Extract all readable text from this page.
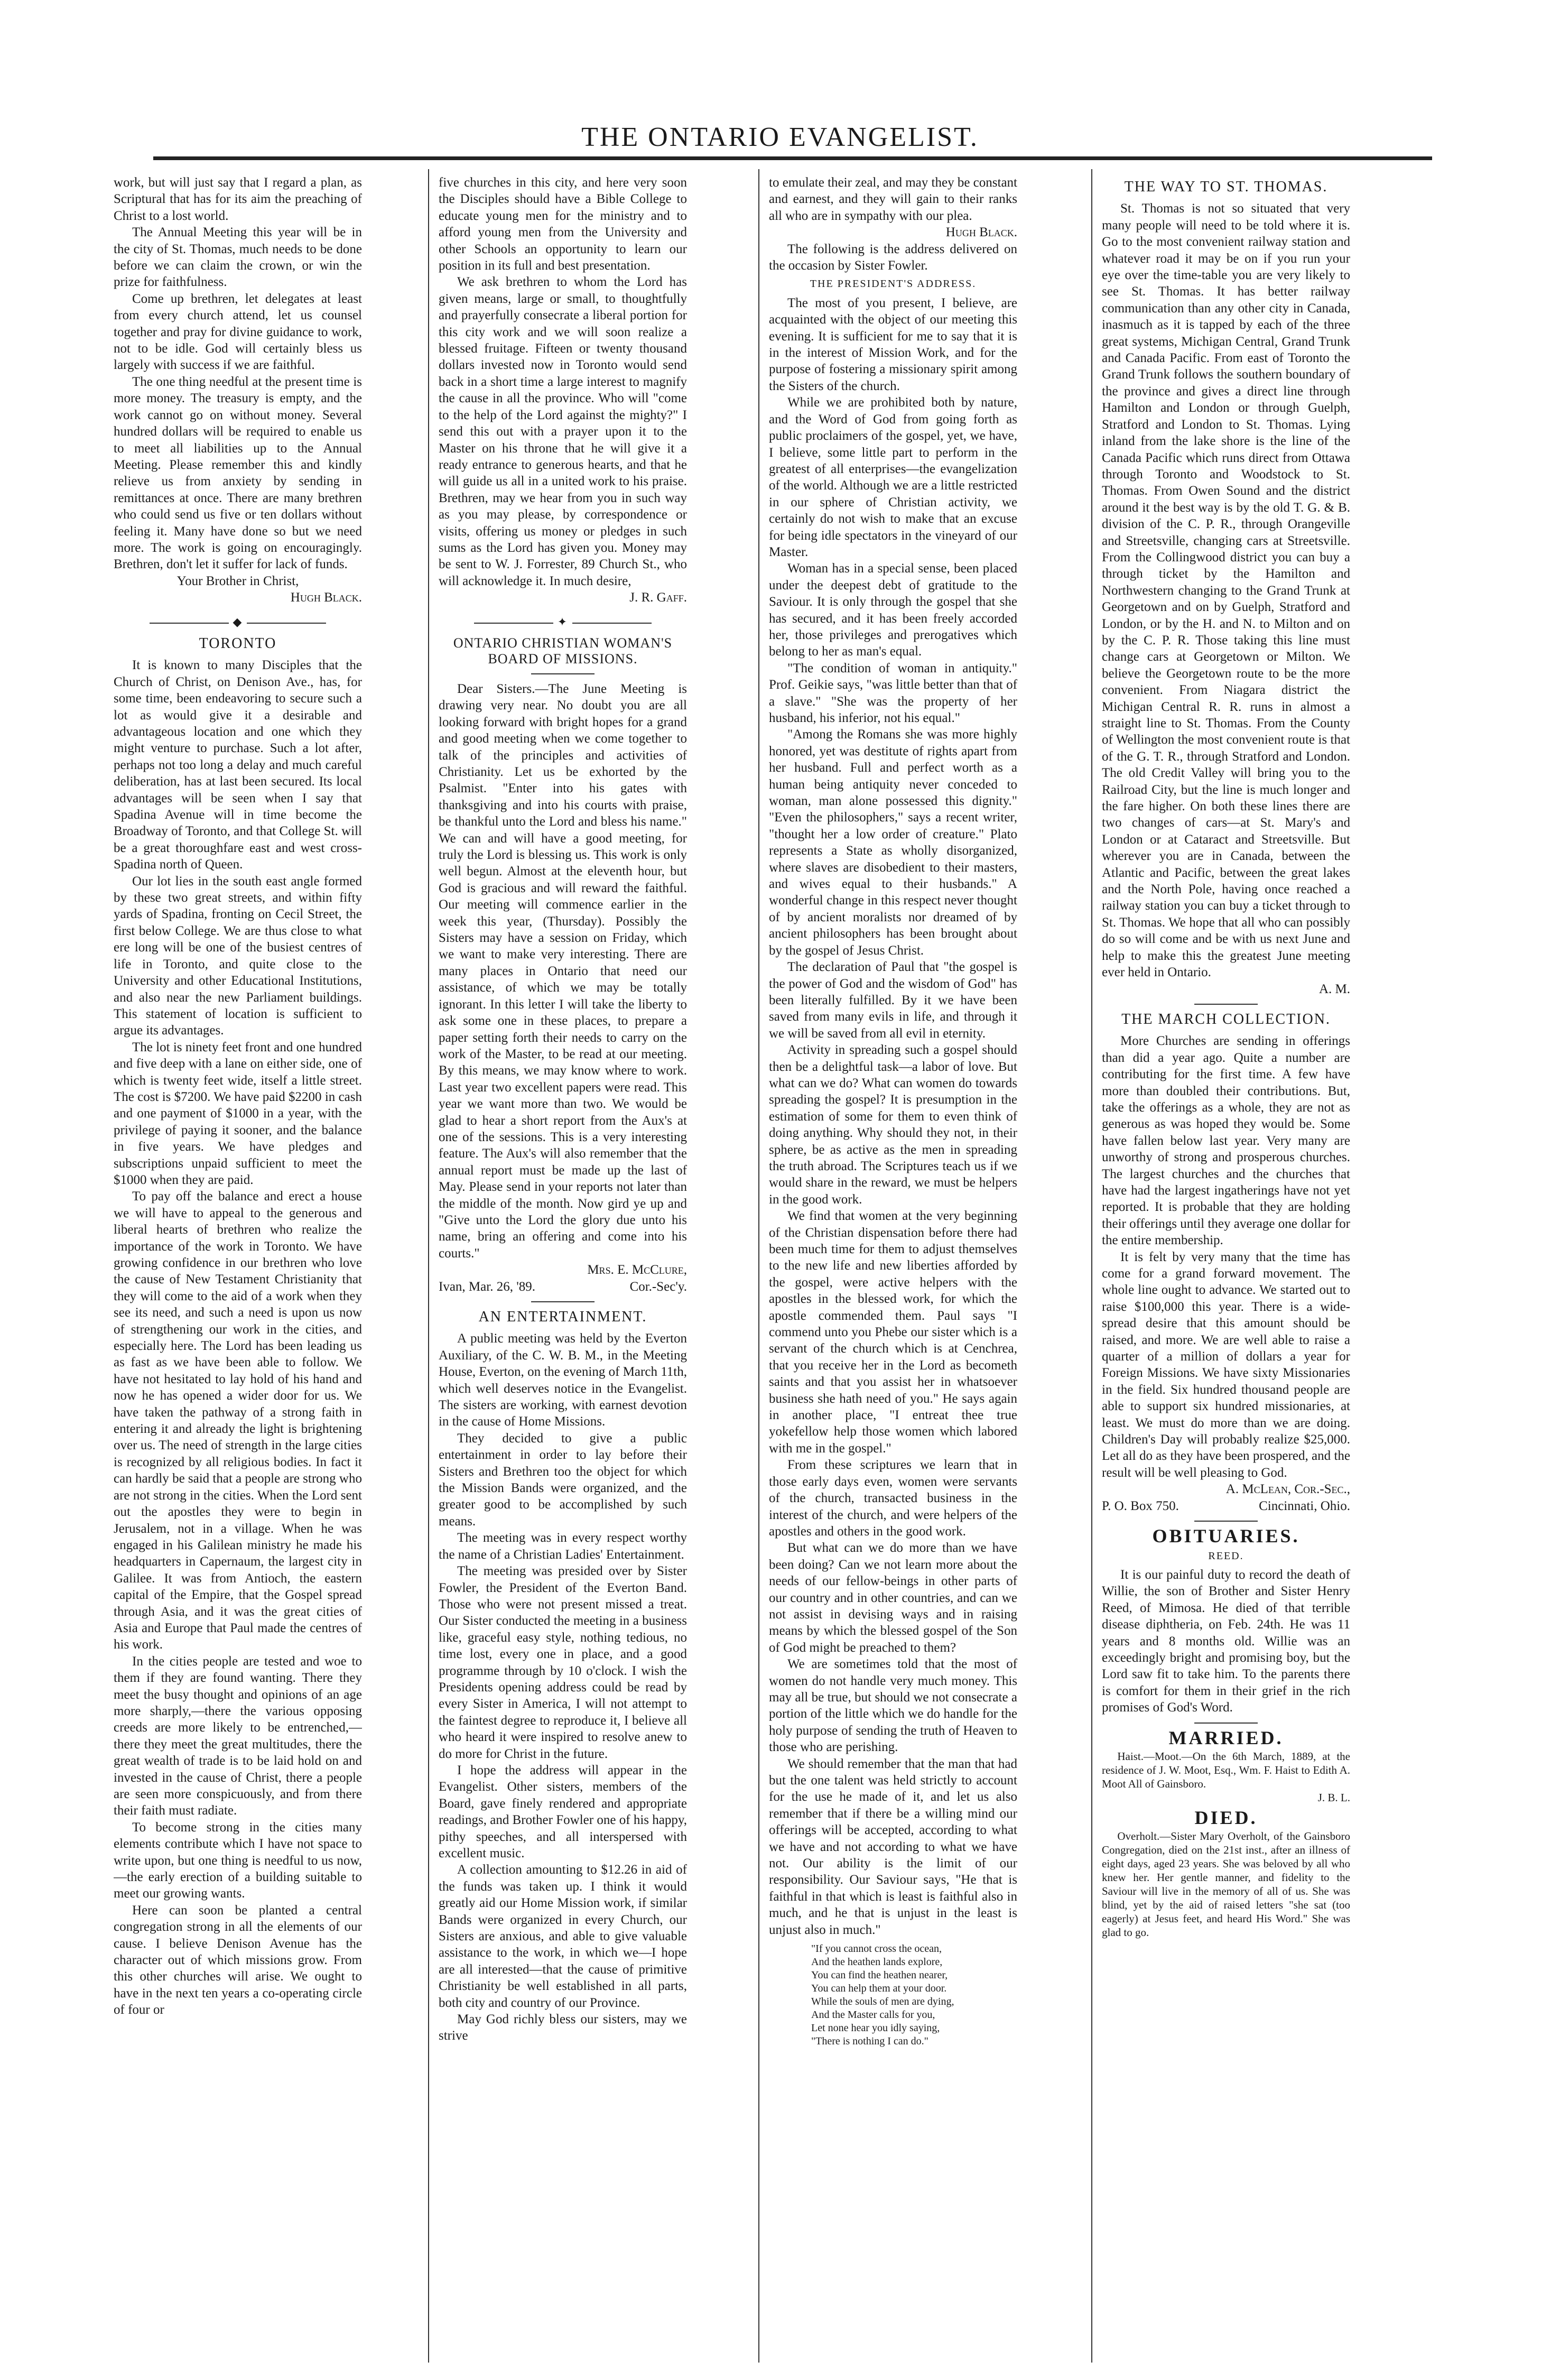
THE ONTARIO EVANGELIST.

work, but will just say that I regard a plan, as Scriptural that has for its aim the preaching of Christ to a lost world.

The Annual Meeting this year will be in the city of St. Thomas, much needs to be done before we can claim the crown, or win the prize for faithfulness.

Come up brethren, let delegates at least from every church attend, let us counsel together and pray for divine guidance to work, not to be idle. God will certainly bless us largely with success if we are faithful.

The one thing needful at the present time is more money. The treasury is empty, and the work cannot go on without money. Several hundred dollars will be required to enable us to meet all liabilities up to the Annual Meeting. Please remember this and kindly relieve us from anxiety by sending in remittances at once. There are many brethren who could send us five or ten dollars without feeling it. Many have done so but we need more. The work is going on encouragingly. Brethren, don't let it suffer for lack of funds.

Your Brother in Christ,

Hugh Black.

◆
TORONTO

It is known to many Disciples that the Church of Christ, on Denison Ave., has, for some time, been endeavoring to secure such a lot as would give it a desirable and advantageous location and one which they might venture to purchase. Such a lot after, perhaps not too long a delay and much careful deliberation, has at last been secured. Its local advantages will be seen when I say that Spadina Avenue will in time become the Broadway of Toronto, and that College St. will be a great thoroughfare east and west cross-Spadina north of Queen.

Our lot lies in the south east angle formed by these two great streets, and within fifty yards of Spadina, fronting on Cecil Street, the first below College. We are thus close to what ere long will be one of the busiest centres of life in Toronto, and quite close to the University and other Educational Institutions, and also near the new Parliament buildings. This statement of location is sufficient to argue its advantages.

The lot is ninety feet front and one hundred and five deep with a lane on either side, one of which is twenty feet wide, itself a little street. The cost is $7200. We have paid $2200 in cash and one payment of $1000 in a year, with the privilege of paying it sooner, and the balance in five years. We have pledges and subscriptions unpaid sufficient to meet the $1000 when they are paid.

To pay off the balance and erect a house we will have to appeal to the generous and liberal hearts of brethren who realize the importance of the work in Toronto. We have growing confidence in our brethren who love the cause of New Testament Christianity that they will come to the aid of a work when they see its need, and such a need is upon us now of strengthening our work in the cities, and especially here. The Lord has been leading us as fast as we have been able to follow. We have not hesitated to lay hold of his hand and now he has opened a wider door for us. We have taken the pathway of a strong faith in entering it and already the light is brightening over us. The need of strength in the large cities is recognized by all religious bodies. In fact it can hardly be said that a people are strong who are not strong in the cities. When the Lord sent out the apostles they were to begin in Jerusalem, not in a village. When he was engaged in his Galilean ministry he made his headquarters in Capernaum, the largest city in Galilee. It was from Antioch, the eastern capital of the Empire, that the Gospel spread through Asia, and it was the great cities of Asia and Europe that Paul made the centres of his work.

In the cities people are tested and woe to them if they are found wanting. There they meet the busy thought and opinions of an age more sharply,—there the various opposing creeds are more likely to be entrenched,—there they meet the great multitudes, there the great wealth of trade is to be laid hold on and invested in the cause of Christ, there a people are seen more conspicuously, and from there their faith must radiate.

To become strong in the cities many elements contribute which I have not space to write upon, but one thing is needful to us now,—the early erection of a building suitable to meet our growing wants.

Here can soon be planted a central congregation strong in all the elements of our cause. I believe Denison Avenue has the character out of which missions grow. From this other churches will arise. We ought to have in the next ten years a co-operating circle of four or

five churches in this city, and here very soon the Disciples should have a Bible College to educate young men for the ministry and to afford young men from the University and other Schools an opportunity to learn our position in its full and best presentation.

We ask brethren to whom the Lord has given means, large or small, to thoughtfully and prayerfully consecrate a liberal portion for this city work and we will soon realize a blessed fruitage. Fifteen or twenty thousand dollars invested now in Toronto would send back in a short time a large interest to magnify the cause in all the province. Who will "come to the help of the Lord against the mighty?" I send this out with a prayer upon it to the Master on his throne that he will give it a ready entrance to generous hearts, and that he will guide us all in a united work to his praise. Brethren, may we hear from you in such way as you may please, by correspondence or visits, offering us money or pledges in such sums as the Lord has given you. Money may be sent to W. J. Forrester, 89 Church St., who will acknowledge it. In much desire,

J. R. Gaff.

✦
ONTARIO CHRISTIAN WOMAN'S BOARD OF MISSIONS.

Dear Sisters.—The June Meeting is drawing very near. No doubt you are all looking forward with bright hopes for a grand and good meeting when we come together to talk of the principles and activities of Christianity. Let us be exhorted by the Psalmist. "Enter into his gates with thanksgiving and into his courts with praise, be thankful unto the Lord and bless his name." We can and will have a good meeting, for truly the Lord is blessing us. This work is only well begun. Almost at the eleventh hour, but God is gracious and will reward the faithful. Our meeting will commence earlier in the week this year, (Thursday). Possibly the Sisters may have a session on Friday, which we want to make very interesting. There are many places in Ontario that need our assistance, of which we may be totally ignorant. In this letter I will take the liberty to ask some one in these places, to prepare a paper setting forth their needs to carry on the work of the Master, to be read at our meeting. By this means, we may know where to work. Last year two excellent papers were read. This year we want more than two. We would be glad to hear a short report from the Aux's at one of the sessions. This is a very interesting feature. The Aux's will also remember that the annual report must be made up the last of May. Please send in your reports not later than the middle of the month. Now gird ye up and "Give unto the Lord the glory due unto his name, bring an offering and come into his courts."

Mrs. E. McClure,

Ivan, Mar. 26, '89.	Cor.-Sec'y.
AN ENTERTAINMENT.

A public meeting was held by the Everton Auxiliary, of the C. W. B. M., in the Meeting House, Everton, on the evening of March 11th, which well deserves notice in the Evangelist. The sisters are working, with earnest devotion in the cause of Home Missions.

They decided to give a public entertainment in order to lay before their Sisters and Brethren too the object for which the Mission Bands were organized, and the greater good to be accomplished by such means.

The meeting was in every respect worthy the name of a Christian Ladies' Entertainment.

The meeting was presided over by Sister Fowler, the President of the Everton Band. Those who were not present missed a treat. Our Sister conducted the meeting in a business like, graceful easy style, nothing tedious, no time lost, every one in place, and a good programme through by 10 o'clock. I wish the Presidents opening address could be read by every Sister in America, I will not attempt to the faintest degree to reproduce it, I believe all who heard it were inspired to resolve anew to do more for Christ in the future.

I hope the address will appear in the Evangelist. Other sisters, members of the Board, gave finely rendered and appropriate readings, and Brother Fowler one of his happy, pithy speeches, and all interspersed with excellent music.

A collection amounting to $12.26 in aid of the funds was taken up. I think it would greatly aid our Home Mission work, if similar Bands were organized in every Church, our Sisters are anxious, and able to give valuable assistance to the work, in which we—I hope are all interested—that the cause of primitive Christianity be well established in all parts, both city and country of our Province.

May God richly bless our sisters, may we strive

to emulate their zeal, and may they be constant and earnest, and they will gain to their ranks all who are in sympathy with our plea.

Hugh Black.

The following is the address delivered on the occasion by Sister Fowler.

THE PRESIDENT'S ADDRESS.

The most of you present, I believe, are acquainted with the object of our meeting this evening. It is sufficient for me to say that it is in the interest of Mission Work, and for the purpose of fostering a missionary spirit among the Sisters of the church.

While we are prohibited both by nature, and the Word of God from going forth as public proclaimers of the gospel, yet, we have, I believe, some little part to perform in the greatest of all enterprises—the evangelization of the world. Although we are a little restricted in our sphere of Christian activity, we certainly do not wish to make that an excuse for being idle spectators in the vineyard of our Master.

Woman has in a special sense, been placed under the deepest debt of gratitude to the Saviour. It is only through the gospel that she has secured, and it has been freely accorded her, those privileges and prerogatives which belong to her as man's equal.

"The condition of woman in antiquity." Prof. Geikie says, "was little better than that of a slave." "She was the property of her husband, his inferior, not his equal."

"Among the Romans she was more highly honored, yet was destitute of rights apart from her husband. Full and perfect worth as a human being antiquity never conceded to woman, man alone possessed this dignity." "Even the philosophers," says a recent writer, "thought her a low order of creature." Plato represents a State as wholly disorganized, where slaves are disobedient to their masters, and wives equal to their husbands." A wonderful change in this respect never thought of by ancient moralists nor dreamed of by ancient philosophers has been brought about by the gospel of Jesus Christ.

The declaration of Paul that "the gospel is the power of God and the wisdom of God" has been literally fulfilled. By it we have been saved from many evils in life, and through it we will be saved from all evil in eternity.

Activity in spreading such a gospel should then be a delightful task—a labor of love. But what can we do? What can women do towards spreading the gospel? It is presumption in the estimation of some for them to even think of doing anything. Why should they not, in their sphere, be as active as the men in spreading the truth abroad. The Scriptures teach us if we would share in the reward, we must be helpers in the good work.

We find that women at the very beginning of the Christian dispensation before there had been much time for them to adjust themselves to the new life and new liberties afforded by the gospel, were active helpers with the apostles in the blessed work, for which the apostle commended them. Paul says "I commend unto you Phebe our sister which is a servant of the church which is at Cenchrea, that you receive her in the Lord as becometh saints and that you assist her in whatsoever business she hath need of you." He says again in another place, "I entreat thee true yokefellow help those women which labored with me in the gospel."

From these scriptures we learn that in those early days even, women were servants of the church, transacted business in the interest of the church, and were helpers of the apostles and others in the good work.

But what can we do more than we have been doing? Can we not learn more about the needs of our fellow-beings in other parts of our country and in other countries, and can we not assist in devising ways and in raising means by which the blessed gospel of the Son of God might be preached to them?

We are sometimes told that the most of women do not handle very much money. This may all be true, but should we not consecrate a portion of the little which we do handle for the holy purpose of sending the truth of Heaven to those who are perishing.

We should remember that the man that had but the one talent was held strictly to account for the use he made of it, and let us also remember that if there be a willing mind our offerings will be accepted, according to what we have and not according to what we have not. Our ability is the limit of our responsibility. Our Saviour says, "He that is faithful in that which is least is faithful also in much, and he that is unjust in the least is unjust also in much."

"If you cannot cross the ocean,
And the heathen lands explore,
You can find the heathen nearer,
You can help them at your door.
While the souls of men are dying,
And the Master calls for you,
Let none hear you idly saying,
"There is nothing I can do."
THE WAY TO ST. THOMAS.

St. Thomas is not so situated that very many people will need to be told where it is. Go to the most convenient railway station and whatever road it may be on if you run your eye over the time-table you are very likely to see St. Thomas. It has better railway communication than any other city in Canada, inasmuch as it is tapped by each of the three great systems, Michigan Central, Grand Trunk and Canada Pacific. From east of Toronto the Grand Trunk follows the southern boundary of the province and gives a direct line through Hamilton and London or through Guelph, Stratford and London to St. Thomas. Lying inland from the lake shore is the line of the Canada Pacific which runs direct from Ottawa through Toronto and Woodstock to St. Thomas. From Owen Sound and the district around it the best way is by the old T. G. & B. division of the C. P. R., through Orangeville and Streetsville, changing cars at Streetsville. From the Collingwood district you can buy a through ticket by the Hamilton and Northwestern changing to the Grand Trunk at Georgetown and on by Guelph, Stratford and London, or by the H. and N. to Milton and on by the C. P. R. Those taking this line must change cars at Georgetown or Milton. We believe the Georgetown route to be the more convenient. From Niagara district the Michigan Central R. R. runs in almost a straight line to St. Thomas. From the County of Wellington the most convenient route is that of the G. T. R., through Stratford and London. The old Credit Valley will bring you to the Railroad City, but the line is much longer and the fare higher. On both these lines there are two changes of cars—at St. Mary's and London or at Cataract and Streetsville. But wherever you are in Canada, between the Atlantic and Pacific, between the great lakes and the North Pole, having once reached a railway station you can buy a ticket through to St. Thomas. We hope that all who can possibly do so will come and be with us next June and help to make this the greatest June meeting ever held in Ontario.

A. M.

THE MARCH COLLECTION.

More Churches are sending in offerings than did a year ago. Quite a number are contributing for the first time. A few have more than doubled their contributions. But, take the offerings as a whole, they are not as generous as was hoped they would be. Some have fallen below last year. Very many are unworthy of strong and prosperous churches. The largest churches and the churches that have had the largest ingatherings have not yet reported. It is probable that they are holding their offerings until they average one dollar for the entire membership.

It is felt by very many that the time has come for a grand forward movement. The whole line ought to advance. We started out to raise $100,000 this year. There is a wide-spread desire that this amount should be raised, and more. We are well able to raise a quarter of a million of dollars a year for Foreign Missions. We have sixty Missionaries in the field. Six hundred thousand people are able to support six hundred missionaries, at least. We must do more than we are doing. Children's Day will probably realize $25,000. Let all do as they have been prospered, and the result will be well pleasing to God.

A. McLean, Cor.-Sec.,

P. O. Box 750.	Cincinnati, Ohio.
OBITUARIES.
REED.

It is our painful duty to record the death of Willie, the son of Brother and Sister Henry Reed, of Mimosa. He died of that terrible disease diphtheria, on Feb. 24th. He was 11 years and 8 months old. Willie was an exceedingly bright and promising boy, but the Lord saw fit to take him. To the parents there is comfort for them in their grief in the rich promises of God's Word.

MARRIED.

Haist.—Moot.—On the 6th March, 1889, at the residence of J. W. Moot, Esq., Wm. F. Haist to Edith A. Moot All of Gainsboro.

J. B. L.

DIED.

Overholt.—Sister Mary Overholt, of the Gainsboro Congregation, died on the 21st inst., after an illness of eight days, aged 23 years. She was beloved by all who knew her. Her gentle manner, and fidelity to the Saviour will live in the memory of all of us. She was blind, yet by the aid of raised letters "she sat (too eagerly) at Jesus feet, and heard His Word." She was glad to go.
